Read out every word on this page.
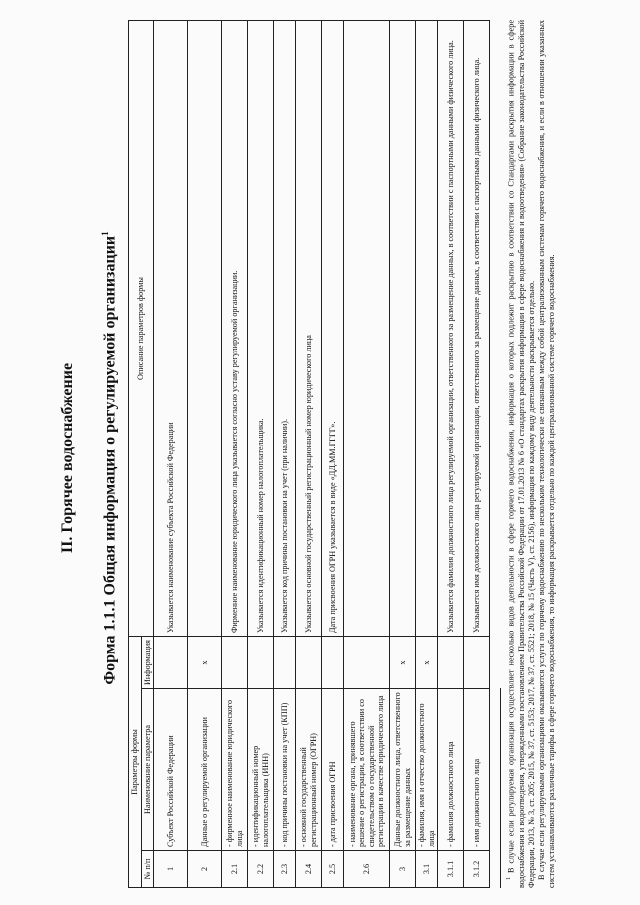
II. Горячее водоснабжение Форма 1.1.1 Общая информация о регулируемой организации$^1$
Параметры формы			Описание параметров формы
№ п/п	Наименование параметра	Информация	
1	Субъект Российской Федерации		Указывается наименование субъекта Российской Федерации
2	Данные о регулируемой организации	x	
2.1	- фирменное наименование юридического лица		Фирменное наименование юридического лица указывается согласно уставу регулируемой организации.
2.2	- идентификационный номер налогоплательщика (ИНН)		Указывается идентификационный номер налогоплательщика.
2.3	- код причины постановки на учет (КПП)		Указывается код причины постановки на учет (при наличии).
2.4	- основной государственный регистрационный номер (ОГРН)		Указывается основной государственный регистрационный номер юридического лица
2.5	- дата присвоения ОГРН		Дата присвоения ОГРН указывается в виде «ДД.ММ.ГГГГ».
2.6	- наименование органа, принявшего решение о регистрации, в соответствии со свидетельством о государственной регистрации в качестве юридического лица		
3	Данные должностного лица, ответственного за размещение данных	x	
3.1	- фамилия, имя и отчество должностного лица	x	
3.1.1	- фамилия должностного лица		Указывается фамилия должностного лица регулируемой организации, ответственного за размещение данных, в соответствии с паспортными данными физического лица.
3.1.2	- имя должностного лица		Указывается имя должностного лица регулируемой организации, ответственного за размещение данных, в соответствии с паспортными данными физического лица.

$^1$ В случае если регулируемая организация осуществляет несколько видов деятельности в сфере горячего водоснабжения, информация о которых подлежит раскрытию в соответствии со Стандартами раскрытия информации в сфере водоснабжения и водоотведения, утвержденными постановлением Правительства Российской Федерации от 17.01.2013 № 6 «О стандартах раскрытия информации в сфере водоснабжения и водоотведения» (Собрание законодательства Российской Федерации, 2013, № 3, ст. 205; 2015, № 37, ст. 5153; 2017, № 37, ст. 5521; 2018, № 15 (Часть V), ст. 2156), информация по каждому виду деятельности раскрывается отдельно. В случае если регулируемыми организациями оказываются услуги по горячему водоснабжению по нескольким технологически не связанным между собой централизованным системам горячего водоснабжения, и если в отношении указанных систем устанавливаются различные тарифы в сфере горячего водоснабжения, то информация раскрывается отдельно по каждой централизованной системе горячего водоснабжения.
